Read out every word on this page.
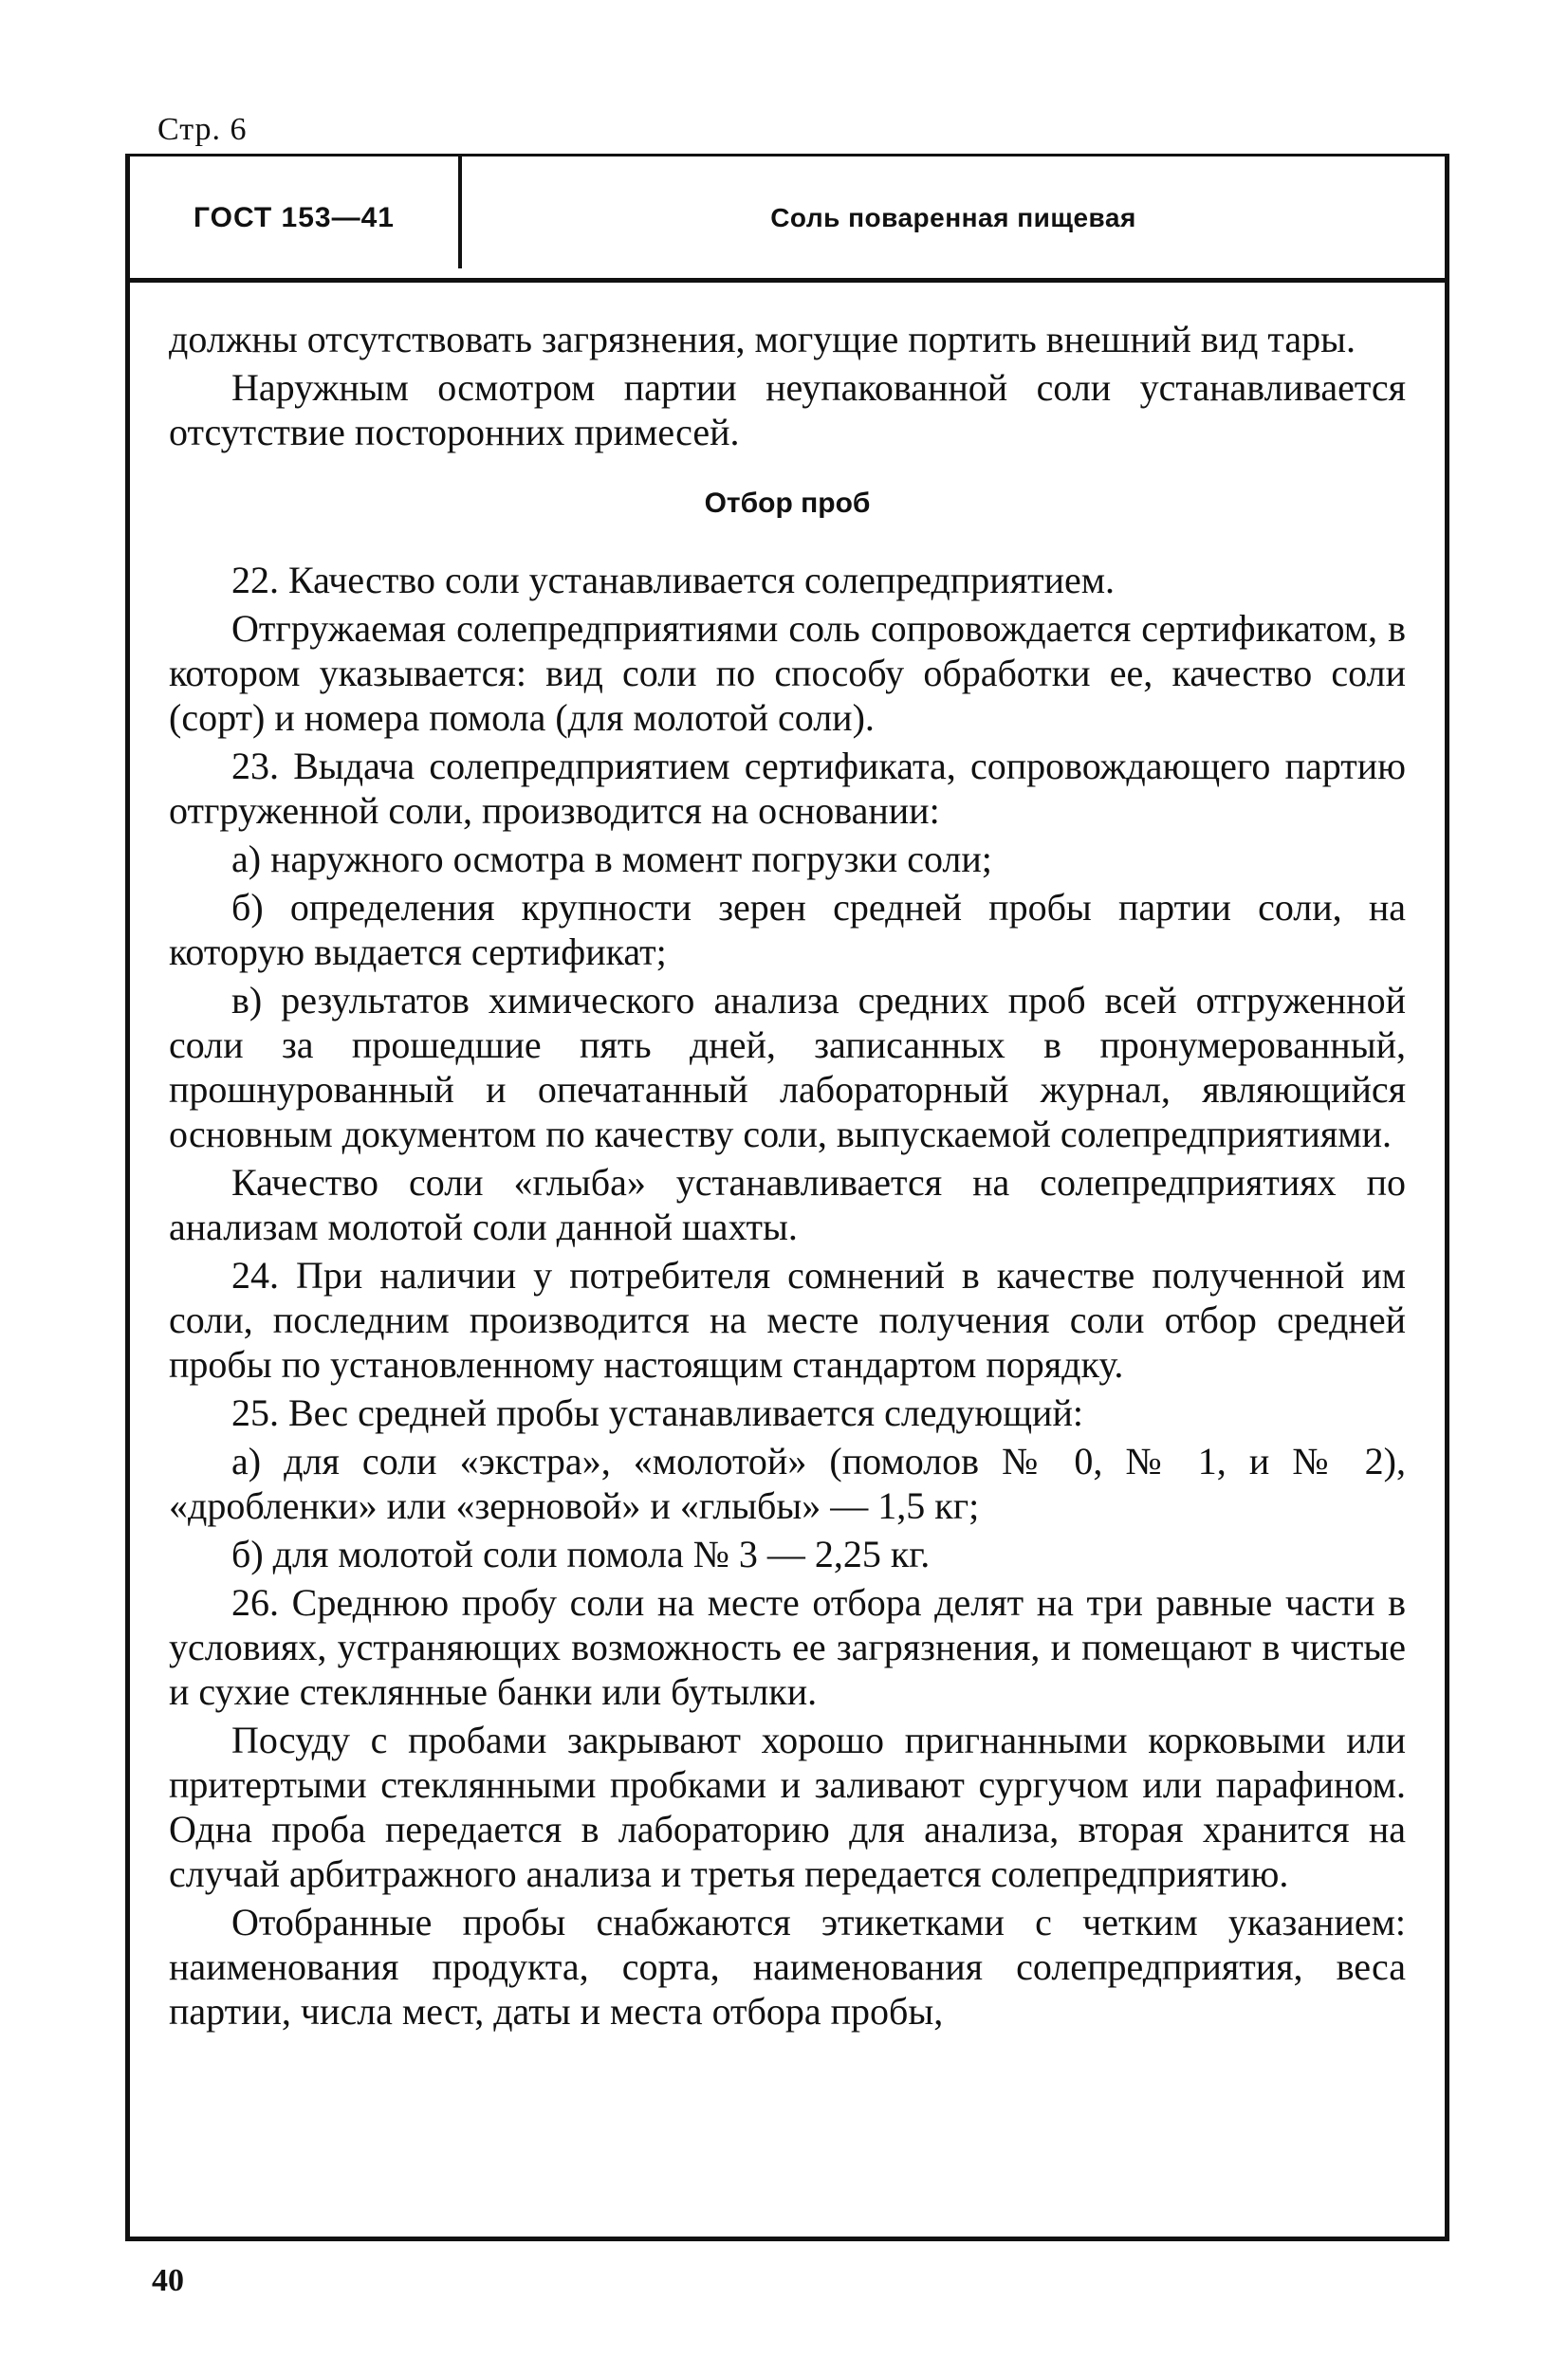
Стр. 6
ГОСТ 153—41	Соль поваренная пищевая

должны отсутствовать загрязнения, могущие портить внешний вид тары.

Наружным осмотром партии неупакованной соли устанавливается отсутствие посторонних примесей.

Отбор проб

22. Качество соли устанавливается солепредприятием.

Отгружаемая солепредприятиями соль сопровождается сертификатом, в котором указывается: вид соли по способу обработки ее, качество соли (сорт) и номера помола (для молотой соли).

23. Выдача солепредприятием сертификата, сопровождающего партию отгруженной соли, производится на основании:

а) наружного осмотра в момент погрузки соли;

б) определения крупности зерен средней пробы партии соли, на которую выдается сертификат;

в) результатов химического анализа средних проб всей отгруженной соли за прошедшие пять дней, записанных в пронумерованный, прошнурованный и опечатанный лабораторный журнал, являющийся основным документом по качеству соли, выпускаемой солепредприятиями.

Качество соли «глыба» устанавливается на солепредприятиях по анализам молотой соли данной шахты.

24. При наличии у потребителя сомнений в качестве полученной им соли, последним производится на месте получения соли отбор средней пробы по установленному настоящим стандартом порядку.

25. Вес средней пробы устанавливается следующий:

а) для соли «экстра», «молотой» (помолов № 0, № 1, и № 2), «дробленки» или «зерновой» и «глыбы» — 1,5 кг;

б) для молотой соли помола № 3 — 2,25 кг.

26. Среднюю пробу соли на месте отбора делят на три равные части в условиях, устраняющих возможность ее загрязнения, и помещают в чистые и сухие стеклянные банки или бутылки.

Посуду с пробами закрывают хорошо пригнанными корковыми или притертыми стеклянными пробками и заливают сургучом или парафином. Одна проба передается в лабораторию для анализа, вторая хранится на случай арбитражного анализа и третья передается солепредприятию.

Отобранные пробы снабжаются этикетками с четким указанием: наименования продукта, сорта, наименования солепредприятия, веса партии, числа мест, даты и места отбора пробы,

40
